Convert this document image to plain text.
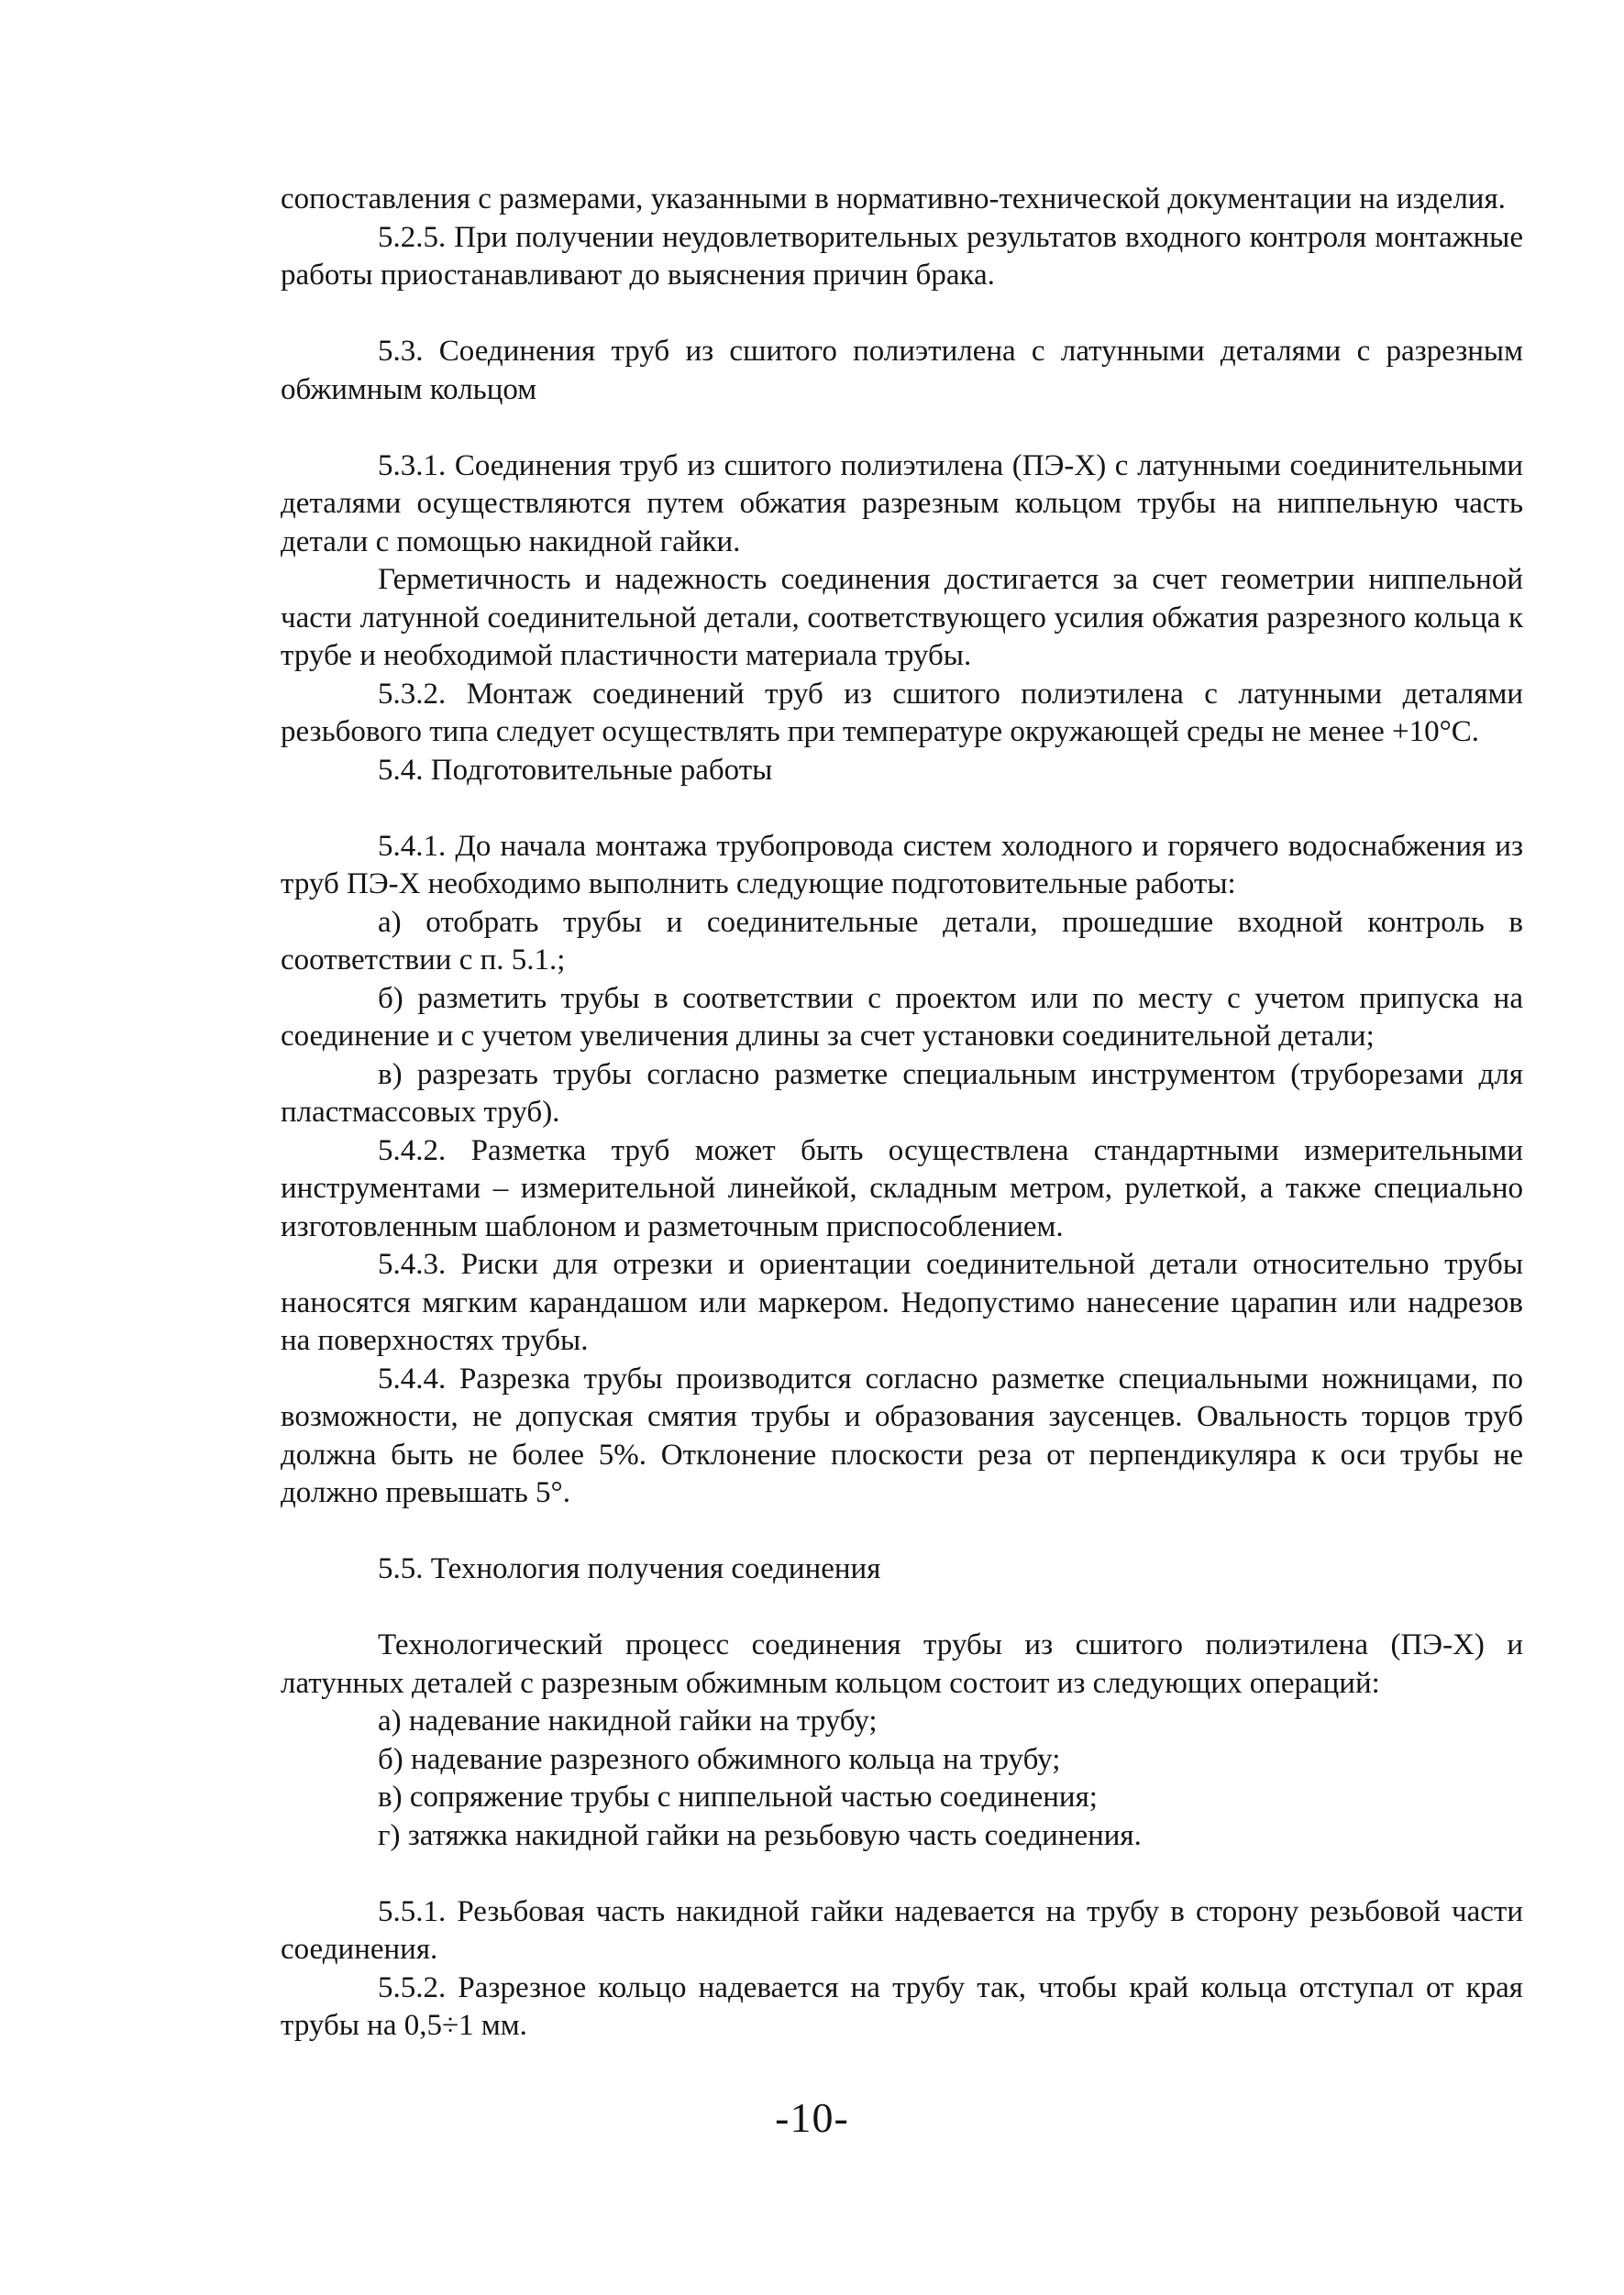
сопоставления с размерами, указанными в нормативно-технической документации на изделия.

5.2.5. При получении неудовлетворительных результатов входного контроля монтажные работы приостанавливают до выяснения причин брака.

5.3. Соединения труб из сшитого полиэтилена с латунными деталями с разрезным обжимным кольцом

5.3.1. Соединения труб из сшитого полиэтилена (ПЭ-Х) с латунными соединительными деталями осуществляются путем обжатия разрезным кольцом трубы на ниппельную часть детали с помощью накидной гайки.

Герметичность и надежность соединения достигается за счет геометрии ниппельной части латунной соединительной детали, соответствующего усилия обжатия разрезного кольца к трубе и необходимой пластичности материала трубы.

5.3.2. Монтаж соединений труб из сшитого полиэтилена с латунными деталями резьбового типа следует осуществлять при температуре окружающей среды не менее +10°С.

5.4. Подготовительные работы

5.4.1. До начала монтажа трубопровода систем холодного и горячего водоснабжения из труб ПЭ-Х необходимо выполнить следующие подготовительные работы:

а) отобрать трубы и соединительные детали, прошедшие входной контроль в соответствии с п. 5.1.;

б) разметить трубы в соответствии с проектом или по месту с учетом припуска на соединение и с учетом увеличения длины за счет установки соединительной детали;

в) разрезать трубы согласно разметке специальным инструментом (труборезами для пластмассовых труб).

5.4.2. Разметка труб может быть осуществлена стандартными измерительными инструментами – измерительной линейкой, складным метром, рулеткой, а также специально изготовленным шаблоном и разметочным приспособлением.

5.4.3. Риски для отрезки и ориентации соединительной детали относительно трубы наносятся мягким карандашом или маркером. Недопустимо нанесение царапин или надрезов на поверхностях трубы.

5.4.4. Разрезка трубы производится согласно разметке специальными ножницами, по возможности, не допуская смятия трубы и образования заусенцев. Овальность торцов труб должна быть не более 5%. Отклонение плоскости реза от перпендикуляра к оси трубы не должно превышать 5°.

5.5. Технология получения соединения

Технологический процесс соединения трубы из сшитого полиэтилена (ПЭ-Х) и латунных деталей с разрезным обжимным кольцом состоит из следующих операций:

а) надевание накидной гайки на трубу;

б) надевание разрезного обжимного кольца на трубу;

в) сопряжение трубы с ниппельной частью соединения;

г) затяжка накидной гайки на резьбовую часть соединения.

5.5.1. Резьбовая часть накидной гайки надевается на трубу в сторону резьбовой части соединения.

5.5.2. Разрезное кольцо надевается на трубу так, чтобы край кольца отступал от края трубы на 0,5÷1 мм.

-10-
